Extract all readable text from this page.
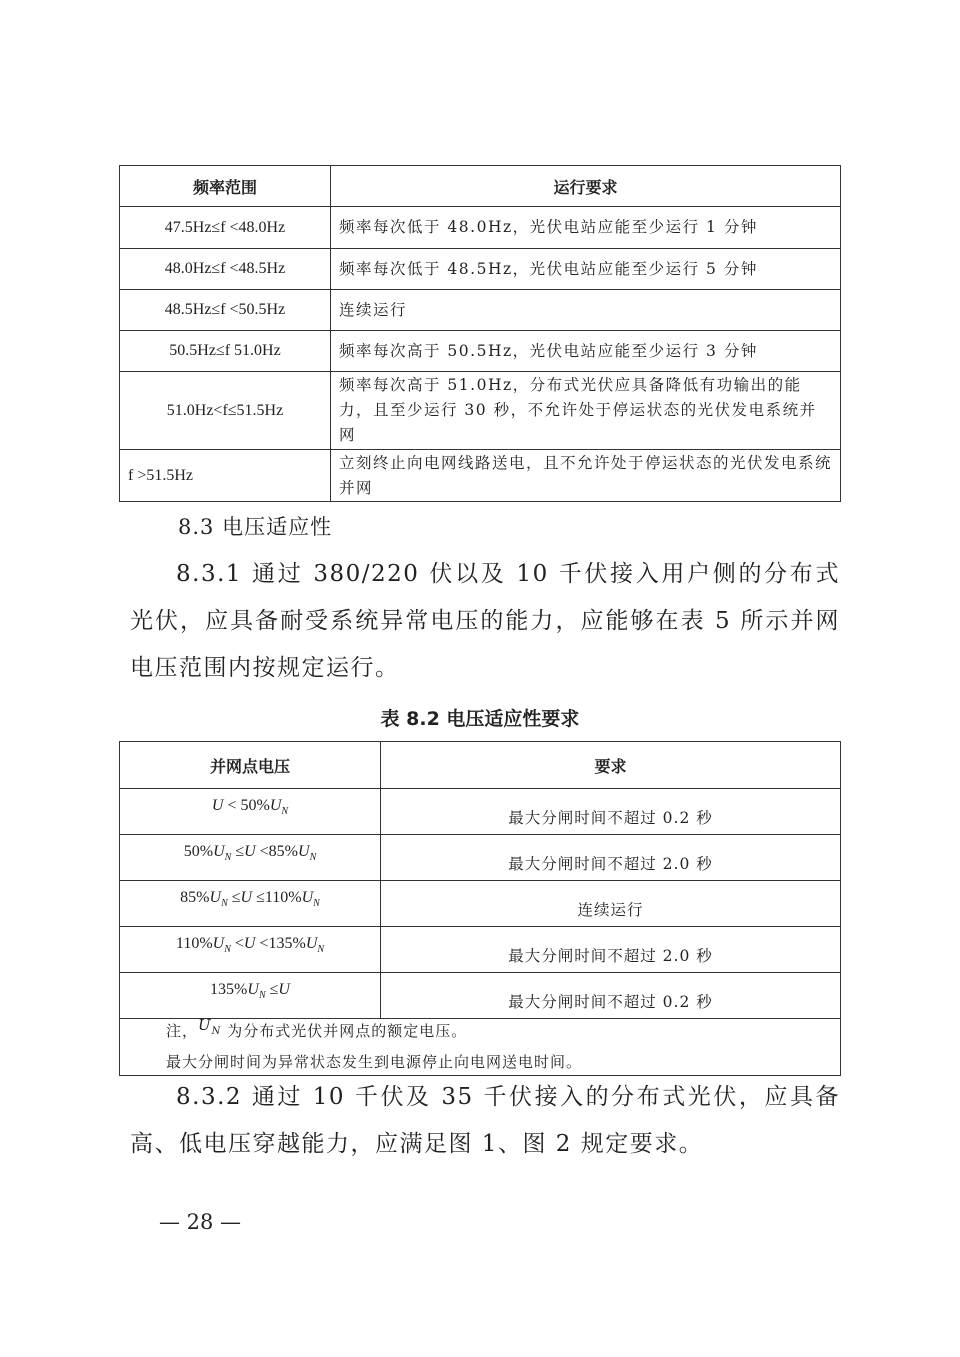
频率范围	运行要求
47.5Hz≤f <48.0Hz	频率每次低于 48.0Hz，光伏电站应能至少运行 1 分钟
48.0Hz≤f <48.5Hz	频率每次低于 48.5Hz，光伏电站应能至少运行 5 分钟
48.5Hz≤f <50.5Hz	连续运行
50.5Hz≤f 51.0Hz	频率每次高于 50.5Hz，光伏电站应能至少运行 3 分钟
51.0Hz<f≤51.5Hz	频率每次高于 51.0Hz，分布式光伏应具备降低有功输出的能力，且至少运行 30 秒，不允许处于停运状态的光伏发电系统并网
f >51.5Hz	立刻终止向电网线路送电，且不允许处于停运状态的光伏发电系统并网
8.3 电压适应性
8.3.1 通过 380/220 伏以及 10 千伏接入用户侧的分布式光伏，应具备耐受系统异常电压的能力，应能够在表 5 所示并网电压范围内按规定运行。
表 8.2 电压适应性要求
并网点电压	要求
$U < 50\%U_N$	最大分闸时间不超过 0.2 秒
$50\%U_N \le U <85\%U_N$	最大分闸时间不超过 2.0 秒
$85\%U_N \le U \le 110\%U_N$	连续运行
$110\%U_N <U <135\%U_N$	最大分闸时间不超过 2.0 秒
$135\%U_N \le U$	最大分闸时间不超过 0.2 秒
注，$U_N$ 为分布式光伏并网点的额定电压。
最大分闸时间为异常状态发生到电源停止向电网送电时间。	
8.3.2 通过 10 千伏及 35 千伏接入的分布式光伏，应具备高、低电压穿越能力，应满足图 1、图 2 规定要求。
— 28 —
